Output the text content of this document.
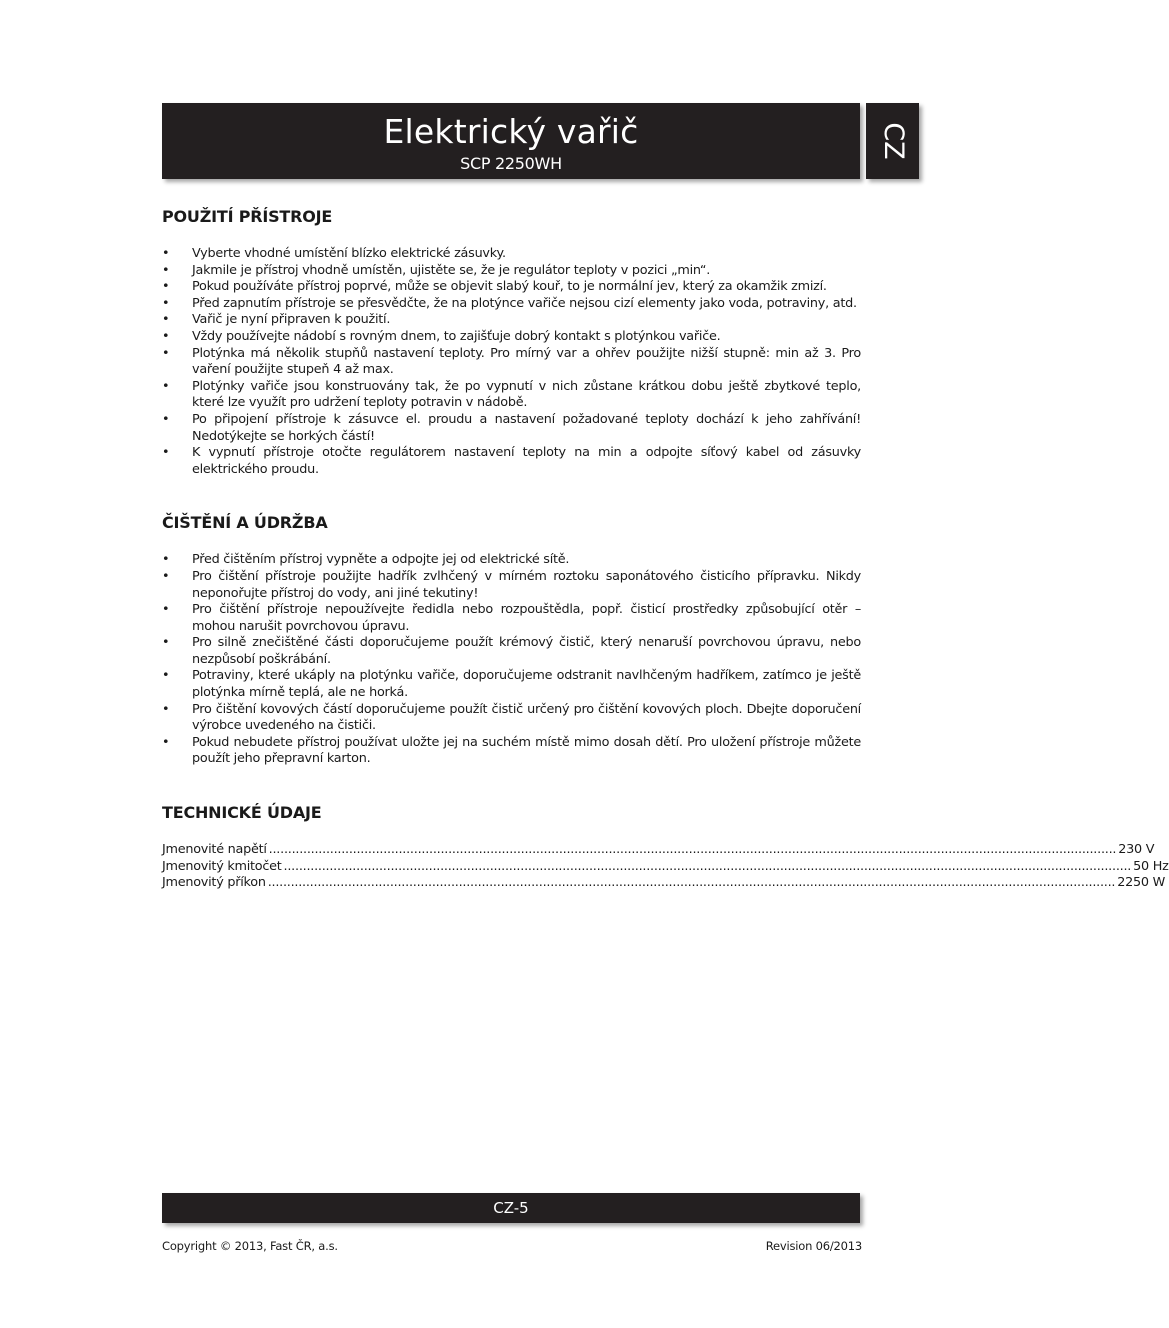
Elektrický vařič
SCP 2250WH
CZ
POUŽITÍ PŘÍSTROJE
• Vyberte vhodné umístění blízko elektrické zásuvky.
• Jakmile je přístroj vhodně umístěn, ujistěte se, že je regulátor teploty v pozici „min“.
• Pokud používáte přístroj poprvé, může se objevit slabý kouř, to je normální jev, který za okamžik zmizí.
• Před zapnutím přístroje se přesvědčte, že na plotýnce vařiče nejsou cizí elementy jako voda, potraviny, atd.
• Vařič je nyní připraven k použití.
• Vždy používejte nádobí s rovným dnem, to zajišťuje dobrý kontakt s plotýnkou vařiče.
• Plotýnka má několik stupňů nastavení teploty. Pro mírný var a ohřev použijte nižší stupně: min až 3. Pro vaření použijte stupeň 4 až max.
• Plotýnky vařiče jsou konstruovány tak, že po vypnutí v nich zůstane krátkou dobu ještě zbytkové teplo, které lze využít pro udržení teploty potravin v nádobě.
• Po připojení přístroje k zásuvce el. proudu a nastavení požadované teploty dochází k jeho zahřívání! Nedotýkejte se horkých částí!
• K vypnutí přístroje otočte regulátorem nastavení teploty na min a odpojte síťový kabel od zásuvky elektrického proudu.
ČIŠTĚNÍ A ÚDRŽBA
• Před čištěním přístroj vypněte a odpojte jej od elektrické sítě.
• Pro čištění přístroje použijte hadřík zvlhčený v mírném roztoku saponátového čisticího přípravku. Nikdy neponořujte přístroj do vody, ani jiné tekutiny!
• Pro čištění přístroje nepoužívejte ředidla nebo rozpouštědla, popř. čisticí prostředky způsobující otěr – mohou narušit povrchovou úpravu.
• Pro silně znečištěné části doporučujeme použít krémový čistič, který nenaruší povrchovou úpravu, nebo nezpůsobí poškrábání.
• Potraviny, které ukáply na plotýnku vařiče, doporučujeme odstranit navlhčeným hadříkem, zatímco je ještě plotýnka mírně teplá, ale ne horká.
• Pro čištění kovových částí doporučujeme použít čistič určený pro čištění kovových ploch. Dbejte doporučení výrobce uvedeného na čističi.
• Pokud nebudete přístroj používat uložte jej na suchém místě mimo dosah dětí. Pro uložení přístroje můžete použít jeho přepravní karton.
TECHNICKÉ ÚDAJE
Jmenovité napětí .............................................................................................................................................................................................................................. 230 V
Jmenovitý kmitočet .............................................................................................................................................................................................................................. 50 Hz
Jmenovitý příkon .............................................................................................................................................................................................................................. 2250 W
CZ-5
Copyright © 2013, Fast ČR, a.s.	Revision 06/2013
